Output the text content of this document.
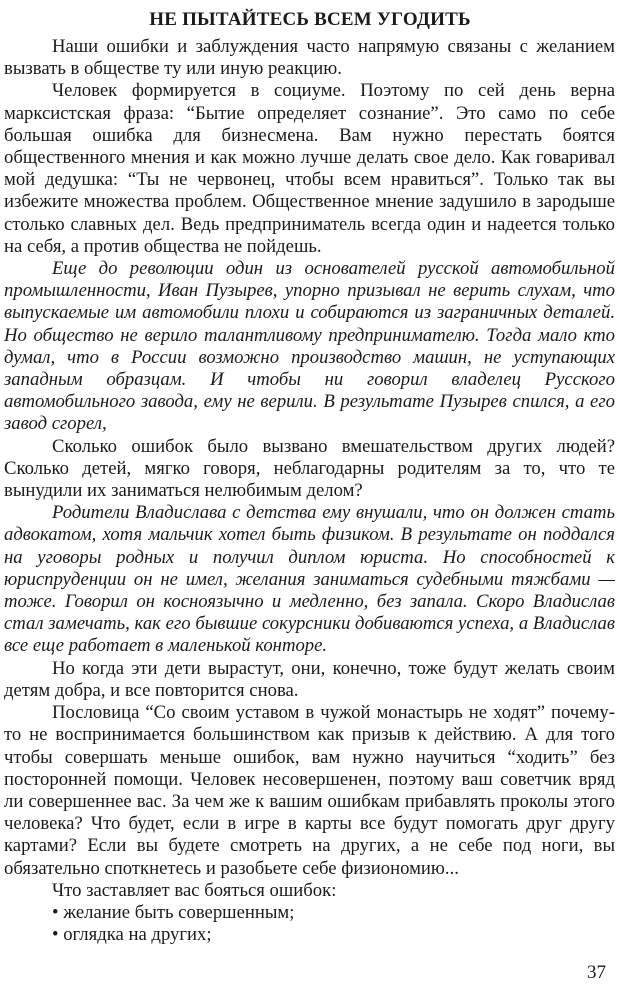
НЕ ПЫТАЙТЕСЬ ВСЕМ УГОДИТЬ

Наши ошибки и заблуждения часто напрямую связаны с желанием вызвать в обществе ту или иную реакцию.

Человек формируется в социуме. Поэтому по сей день верна марксистская фраза: “Бытие определяет сознание”. Это само по себе большая ошибка для бизнесмена. Вам нужно перестать боятся общественного мнения и как можно лучше делать свое дело. Как говаривал мой дедушка: “Ты не червонец, чтобы всем нравиться”. Только так вы избежите множества проблем. Общественное мнение задушило в зародыше столько славных дел. Ведь предприниматель всегда один и надеется только на себя, а против общества не пойдешь.

Еще до революции один из основателей русской автомобильной промышленности, Иван Пузырев, упорно призывал не верить слухам, что выпускаемые им автомобили плохи и собираются из заграничных деталей. Но общество не верило талантливому предпринимателю. Тогда мало кто думал, что в России возможно производство машин, не уступающих западным образцам. И чтобы ни говорил владелец Русского автомобильного завода, ему не верили. В результате Пузырев спился, а его завод сгорел,

Сколько ошибок было вызвано вмешательством других людей? Сколько детей, мягко говоря, неблагодарны родителям за то, что те вынудили их заниматься нелюбимым делом?

Родители Владислава с детства ему внушали, что он должен стать адвокатом, хотя мальчик хотел быть физиком. В результате он поддался на уговоры родных и получил диплом юриста. Но способностей к юриспруденции он не имел, желания заниматься судебными тяжбами — тоже. Говорил он косноязычно и медленно, без запала. Скоро Владислав стал замечать, как его бывшие сокурсники добиваются успеха, а Владислав все еще работает в маленькой конторе.

Но когда эти дети вырастут, они, конечно, тоже будут желать своим детям добра, и все повторится снова.

Пословица “Со своим уставом в чужой монастырь не ходят” почему-то не воспринимается большинством как призыв к действию. А для того чтобы совершать меньше ошибок, вам нужно научиться “ходить” без посторонней помощи. Человек несовершенен, поэтому ваш советчик вряд ли совершеннее вас. За чем же к вашим ошибкам прибавлять проколы этого человека? Что будет, если в игре в карты все будут помогать друг другу картами? Если вы будете смотреть на других, а не себе под ноги, вы обязательно споткнетесь и разобьете себе физиономию...

Что заставляет вас бояться ошибок:

• желание быть совершенным;
• оглядка на других;
37
